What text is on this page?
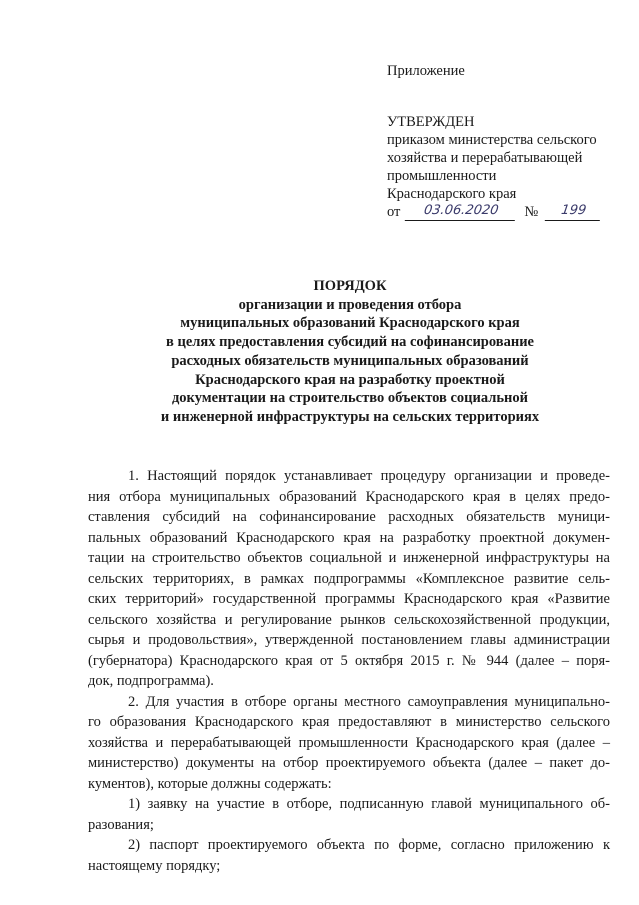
Приложение
УТВЕРЖДЕН
приказом министерства сельского
хозяйства и перерабатывающей
промышленности
Краснодарского края
от	03.06.2020	№	199
ПОРЯДОК
организации и проведения отбора
муниципальных образований Краснодарского края
в целях предоставления субсидий на софинансирование
расходных обязательств муниципальных образований
Краснодарского края на разработку проектной
документации на строительство объектов социальной
и инженерной инфраструктуры на сельских территориях

1. Настоящий порядок устанавливает процедуру организации и проведе-

ния отбора муниципальных образований Краснодарского края в целях предо-

ставления субсидий на софинансирование расходных обязательств муници-

пальных образований Краснодарского края на разработку проектной докумен-

тации на строительство объектов социальной и инженерной инфраструктуры на

сельских территориях, в рамках подпрограммы «Комплексное развитие сель-

ских территорий» государственной программы Краснодарского края «Развитие

сельского хозяйства и регулирование рынков сельскохозяйственной продукции,

сырья и продовольствия», утвержденной постановлением главы администрации

(губернатора) Краснодарского края от 5 октября 2015 г. № 944 (далее – поря-

док, подпрограмма).

2. Для участия в отборе органы местного самоуправления муниципально-

го образования Краснодарского края предоставляют в министерство сельского

хозяйства и перерабатывающей промышленности Краснодарского края (далее –

министерство) документы на отбор проектируемого объекта (далее – пакет до-

кументов), которые должны содержать:

1) заявку на участие в отборе, подписанную главой муниципального об-

разования;

2) паспорт проектируемого объекта по форме, согласно приложению к

настоящему порядку;
